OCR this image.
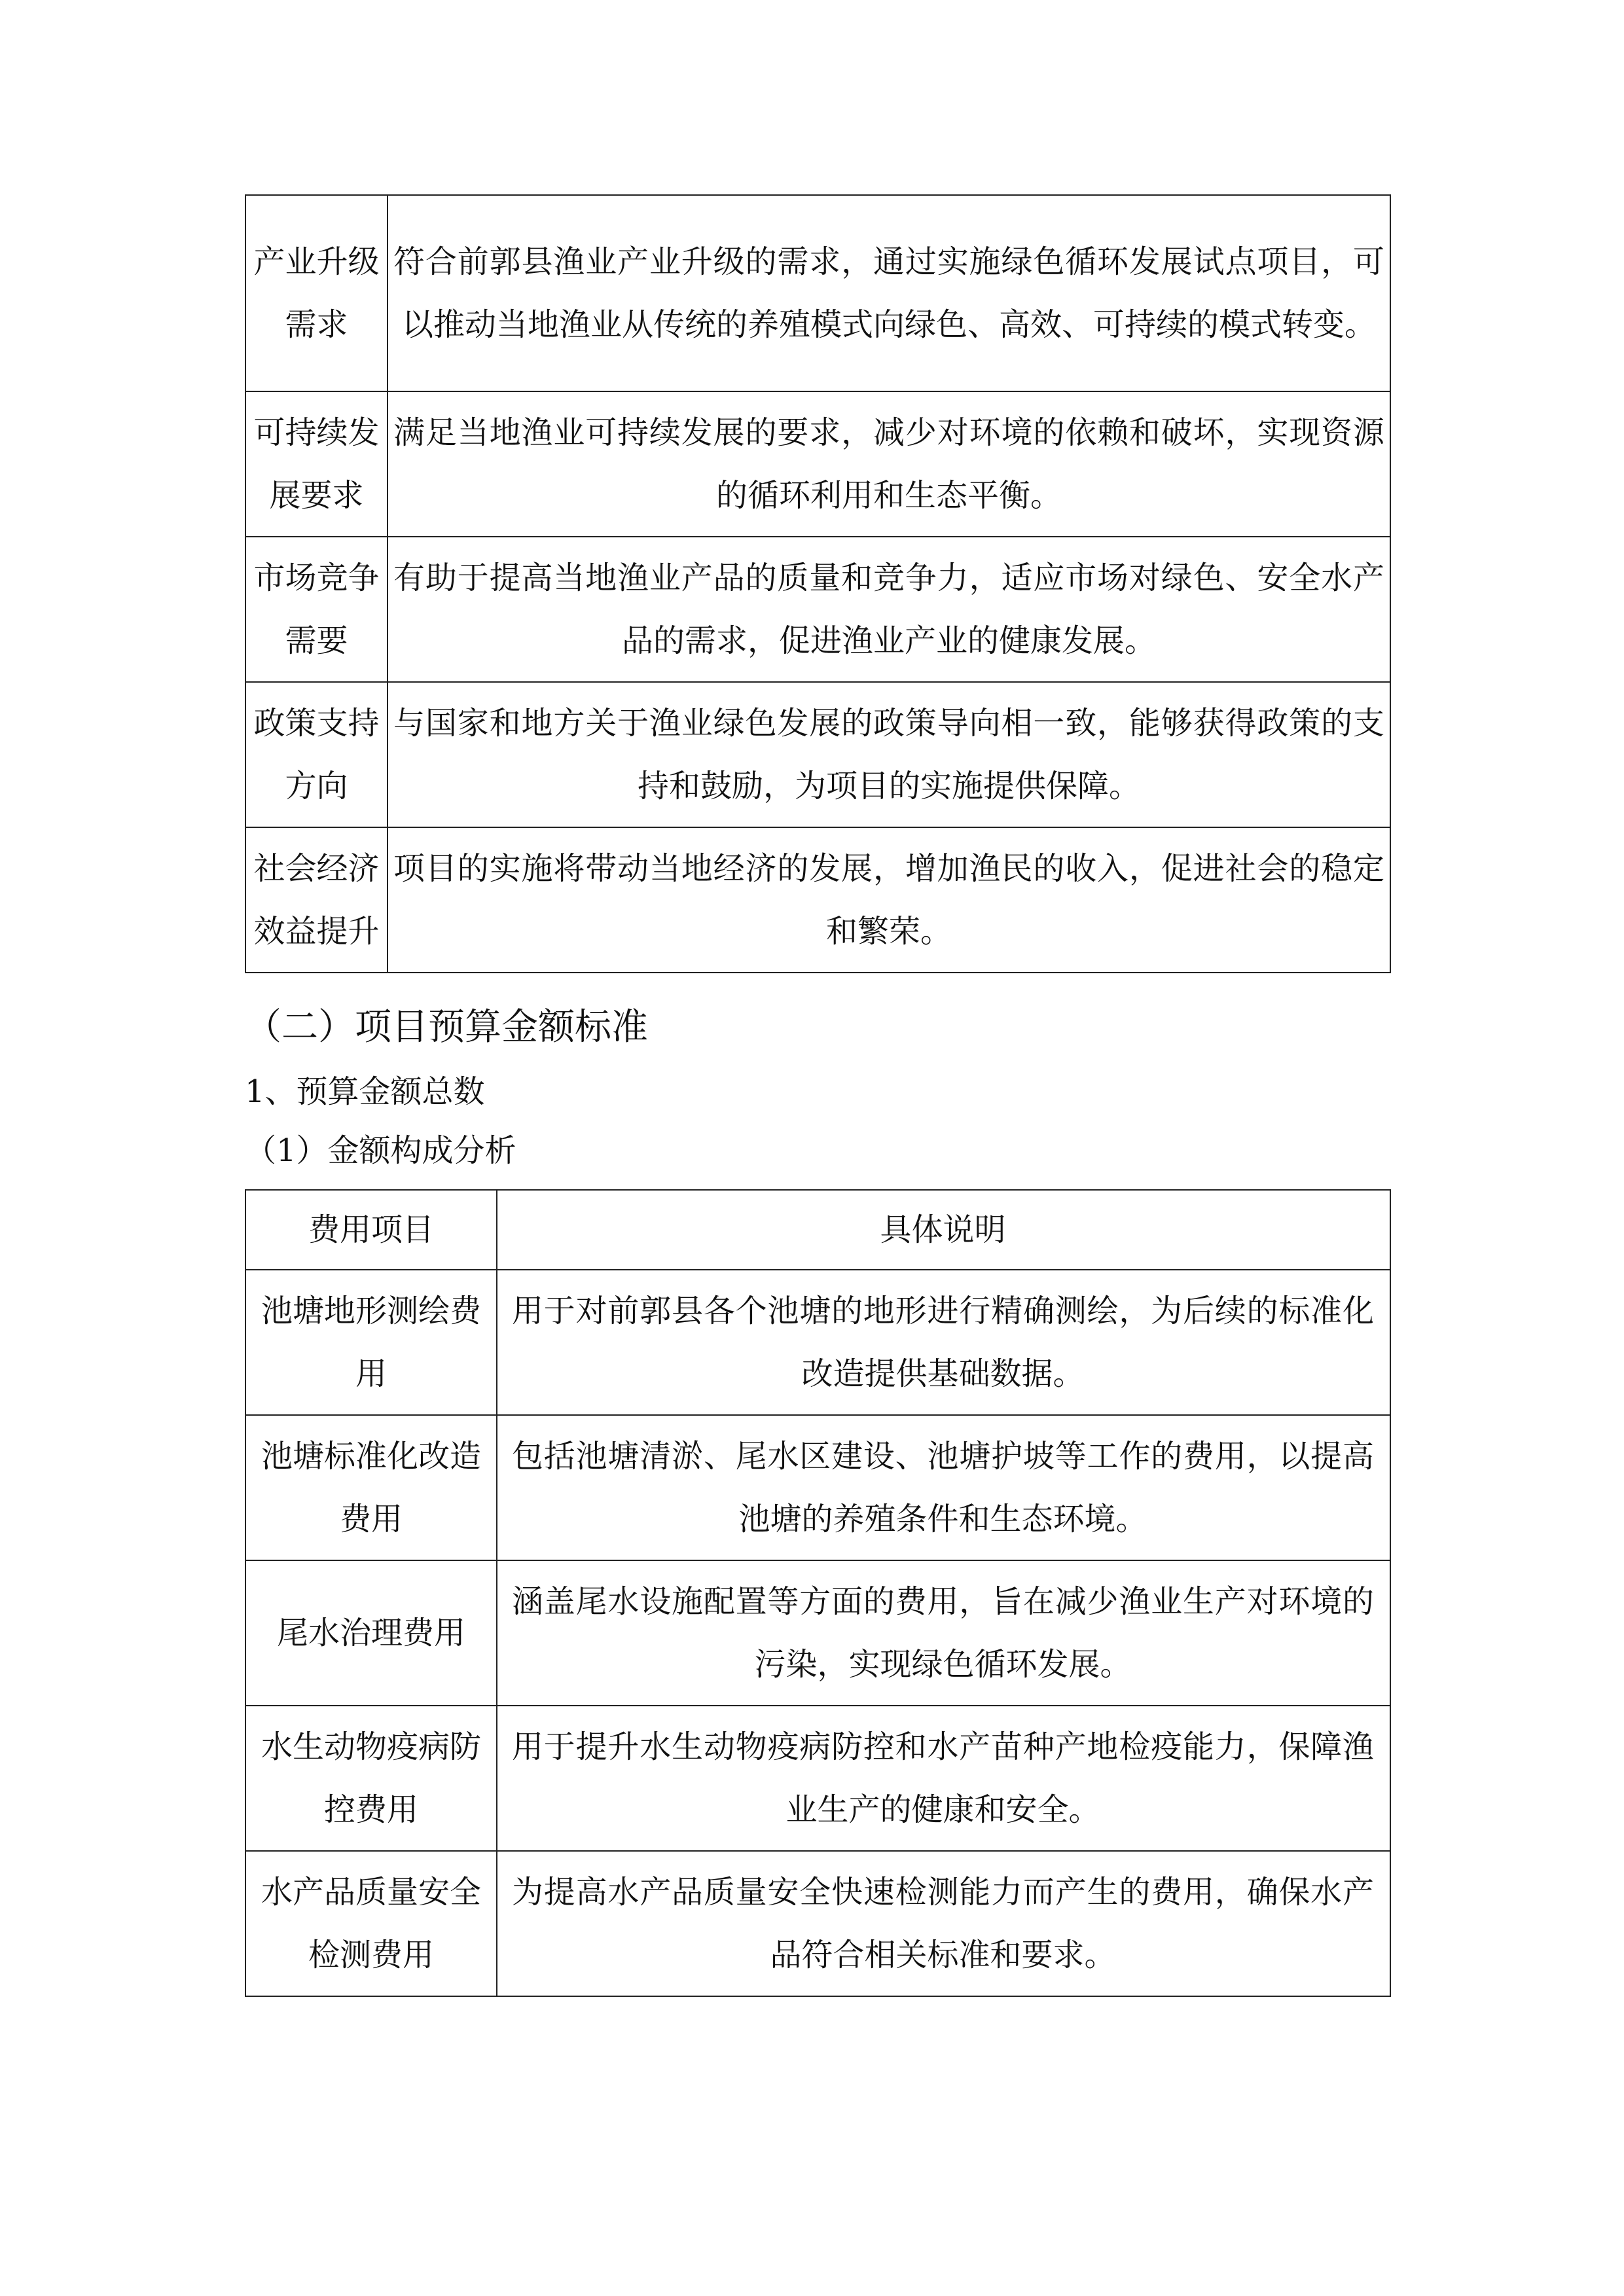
产业升级需求	符合前郭县渔业产业升级的需求，通过实施绿色循环发展试点项目，可以推动当地渔业从传统的养殖模式向绿色、高效、可持续的模式转变。

可持续发展要求	满足当地渔业可持续发展的要求，减少对环境的依赖和破坏，实现资源的循环利用和生态平衡。

市场竞争需要	有助于提高当地渔业产品的质量和竞争力，适应市场对绿色、安全水产品的需求，促进渔业产业的健康发展。

政策支持方向	与国家和地方关于渔业绿色发展的政策导向相一致，能够获得政策的支持和鼓励，为项目的实施提供保障。

社会经济效益提升	项目的实施将带动当地经济的发展，增加渔民的收入，促进社会的稳定和繁荣。
（二）项目预算金额标准
1、预算金额总数
（1）金额构成分析
费用项目	具体说明
池塘地形测绘费用	用于对前郭县各个池塘的地形进行精确测绘，为后续的标准化改造提供基础数据。

池塘标准化改造费用	包括池塘清淤、尾水区建设、池塘护坡等工作的费用，以提高池塘的养殖条件和生态环境。

尾水治理费用	涵盖尾水设施配置等方面的费用，旨在减少渔业生产对环境的污染，实现绿色循环发展。

水生动物疫病防控费用	用于提升水生动物疫病防控和水产苗种产地检疫能力，保障渔业生产的健康和安全。

水产品质量安全检测费用	为提高水产品质量安全快速检测能力而产生的费用，确保水产品符合相关标准和要求。
